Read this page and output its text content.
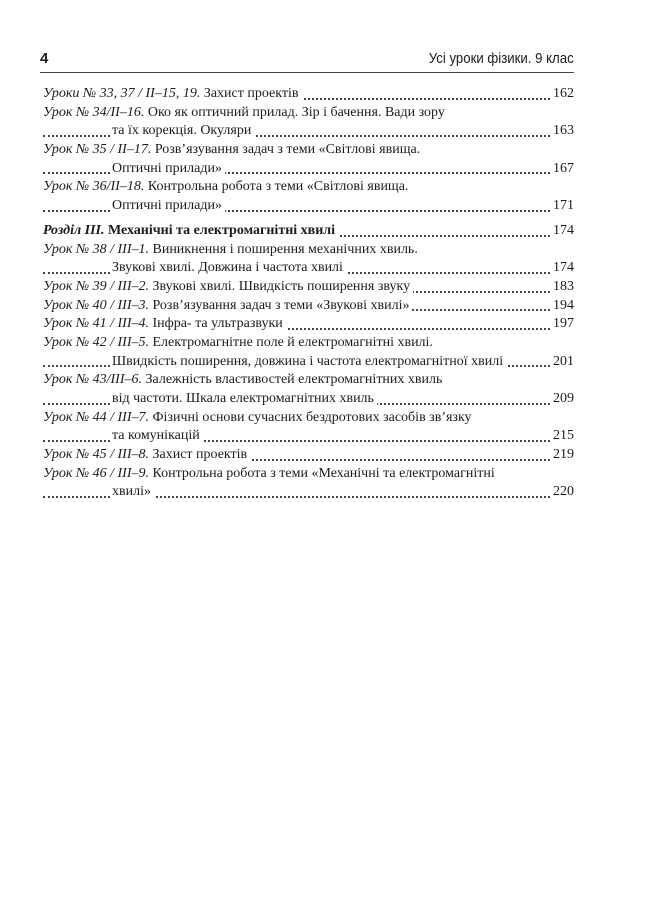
4	Усі уроки фізики. 9 клас
Уроки № 33, 37 / II–15, 19. Захист проектів	162
Урок № 34/II–16. Око як оптичний прилад. Зір і бачення. Вади зору
та їх корекція. Окуляри	163
Урок № 35 / II–17. Розв’язування задач з теми «Світлові явища.
Оптичні прилади»	167
Урок № 36/II–18. Контрольна робота з теми «Світлові явища.
Оптичні прилади»	171
Розділ III. Механічні та електромагнітні хвилі	174
Урок № 38 / III–1. Виникнення і поширення механічних хвиль.
Звукові хвилі. Довжина і частота хвилі	174
Урок № 39 / III–2. Звукові хвилі. Швидкість поширення звуку	183
Урок № 40 / III–3. Розв’язування задач з теми «Звукові хвилі»	194
Урок № 41 / III–4. Інфра- та ультразвуки	197
Урок № 42 / III–5. Електромагнітне поле й електромагнітні хвилі.
Швидкість поширення, довжина і частота електромагнітної хвилі	201
Урок № 43/III–6. Залежність властивостей електромагнітних хвиль
від частоти. Шкала електромагнітних хвиль	209
Урок № 44 / III–7. Фізичні основи сучасних бездротових засобів зв’язку
та комунікацій	215
Урок № 45 / III–8. Захист проектів	219
Урок № 46 / III–9. Контрольна робота з теми «Механічні та електромагнітні
хвилі»	220
